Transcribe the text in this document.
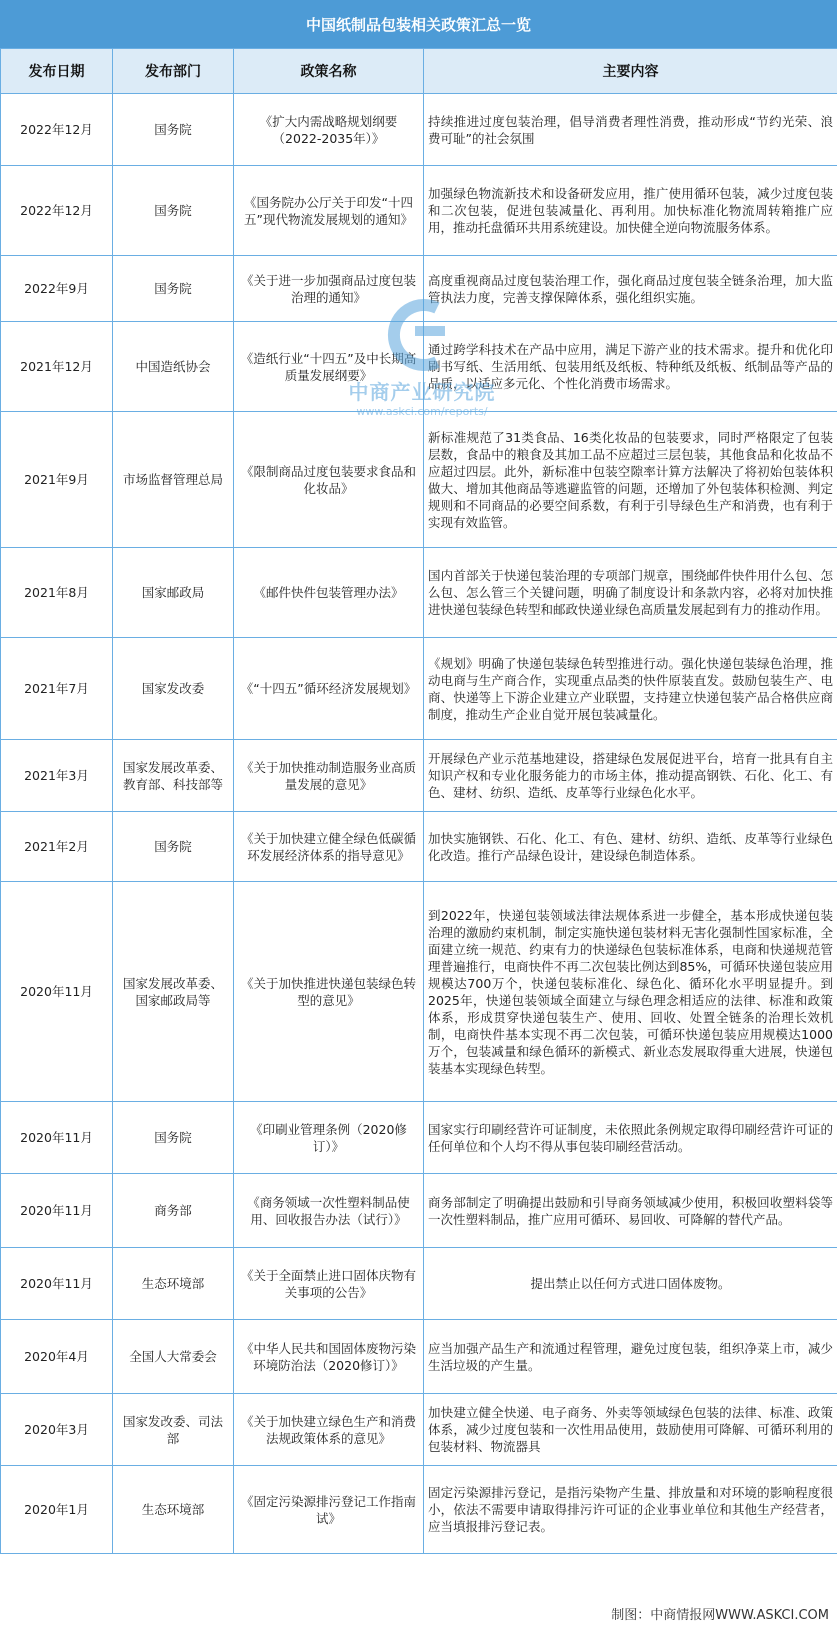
中国纸制品包装相关政策汇总一览
发布日期	发布部门	政策名称	主要内容
2022年12月	国务院	《扩大内需战略规划纲要（2022-2035年）》	持续推进过度包装治理，倡导消费者理性消费，推动形成“节约光荣、浪费可耻”的社会氛围
2022年12月	国务院	《国务院办公厅关于印发“十四五”现代物流发展规划的通知》	加强绿色物流新技术和设备研发应用，推广使用循环包装，减少过度包装和二次包装，促进包装减量化、再利用。加快标准化物流周转箱推广应用，推动托盘循环共用系统建设。加快健全逆向物流服务体系。
2022年9月	国务院	《关于进一步加强商品过度包装治理的通知》	高度重视商品过度包装治理工作，强化商品过度包装全链条治理，加大监管执法力度，完善支撑保障体系，强化组织实施。
2021年12月	中国造纸协会	《造纸行业“十四五”及中长期高质量发展纲要》	通过跨学科技术在产品中应用，满足下游产业的技术需求。提升和优化印刷书写纸、生活用纸、包装用纸及纸板、特种纸及纸板、纸制品等产品的品质，以适应多元化、个性化消费市场需求。
2021年9月	市场监督管理总局	《限制商品过度包装要求食品和化妆品》	新标准规范了31类食品、16类化妆品的包装要求，同时严格限定了包装层数，食品中的粮食及其加工品不应超过三层包装，其他食品和化妆品不应超过四层。此外，新标准中包装空隙率计算方法解决了将初始包装体积做大、增加其他商品等逃避监管的问题，还增加了外包装体积检测、判定规则和不同商品的必要空间系数，有利于引导绿色生产和消费，也有利于实现有效监管。
2021年8月	国家邮政局	《邮件快件包装管理办法》	国内首部关于快递包装治理的专项部门规章，围绕邮件快件用什么包、怎么包、怎么管三个关键问题，明确了制度设计和条款内容，必将对加快推进快递包装绿色转型和邮政快递业绿色高质量发展起到有力的推动作用。
2021年7月	国家发改委	《“十四五”循环经济发展规划》	《规划》明确了快递包装绿色转型推进行动。强化快递包装绿色治理，推动电商与生产商合作，实现重点品类的快件原装直发。鼓励包装生产、电商、快递等上下游企业建立产业联盟，支持建立快递包装产品合格供应商制度，推动生产企业自觉开展包装减量化。
2021年3月	国家发展改革委、教育部、科技部等	《关于加快推动制造服务业高质量发展的意见》	开展绿色产业示范基地建设，搭建绿色发展促进平台，培育一批具有自主知识产权和专业化服务能力的市场主体，推动提高钢铁、石化、化工、有色、建材、纺织、造纸、皮革等行业绿色化水平。
2021年2月	国务院	《关于加快建立健全绿色低碳循环发展经济体系的指导意见》	加快实施钢铁、石化、化工、有色、建材、纺织、造纸、皮革等行业绿色化改造。推行产品绿色设计，建设绿色制造体系。
2020年11月	国家发展改革委、国家邮政局等	《关于加快推进快递包装绿色转型的意见》	到2022年，快递包装领域法律法规体系进一步健全，基本形成快递包装治理的激励约束机制，制定实施快递包装材料无害化强制性国家标准，全面建立统一规范、约束有力的快递绿色包装标准体系，电商和快递规范管理普遍推行，电商快件不再二次包装比例达到85%，可循环快递包装应用规模达700万个，快递包装标准化、绿色化、循环化水平明显提升。到2025年，快递包装领域全面建立与绿色理念相适应的法律、标准和政策体系，形成贯穿快递包装生产、使用、回收、处置全链条的治理长效机制，电商快件基本实现不再二次包装，可循环快递包装应用规模达1000万个，包装减量和绿色循环的新模式、新业态发展取得重大进展，快递包装基本实现绿色转型。
2020年11月	国务院	《印刷业管理条例（2020修订）》	国家实行印刷经营许可证制度，未依照此条例规定取得印刷经营许可证的任何单位和个人均不得从事包装印刷经营活动。
2020年11月	商务部	《商务领域一次性塑料制品使用、回收报告办法（试行）》	商务部制定了明确提出鼓励和引导商务领域减少使用，积极回收塑料袋等一次性塑料制品，推广应用可循环、易回收、可降解的替代产品。
2020年11月	生态环境部	《关于全面禁止进口固体庆物有关事项的公告》	提出禁止以任何方式进口固体废物。
2020年4月	全国人大常委会	《中华人民共和国固体废物污染环境防治法（2020修订）》	应当加强产品生产和流通过程管理，避免过度包装，组织净菜上市，减少生活垃圾的产生量。
2020年3月	国家发改委、司法部	《关于加快建立绿色生产和消费法规政策体系的意见》	加快建立健全快递、电子商务、外卖等领域绿色包装的法律、标准、政策体系，减少过度包装和一次性用品使用，鼓励使用可降解、可循环利用的包装材料、物流器具
2020年1月	生态环境部	《固定污染源排污登记工作指南试》	固定污染源排污登记，是指污染物产生量、排放量和对环境的影响程度很小，依法不需要申请取得排污许可证的企业事业单位和其他生产经营者，应当填报排污登记表。
中商产业研究院
www.askci.com/reports/
制图：中商情报网WWW.ASKCI.COM
